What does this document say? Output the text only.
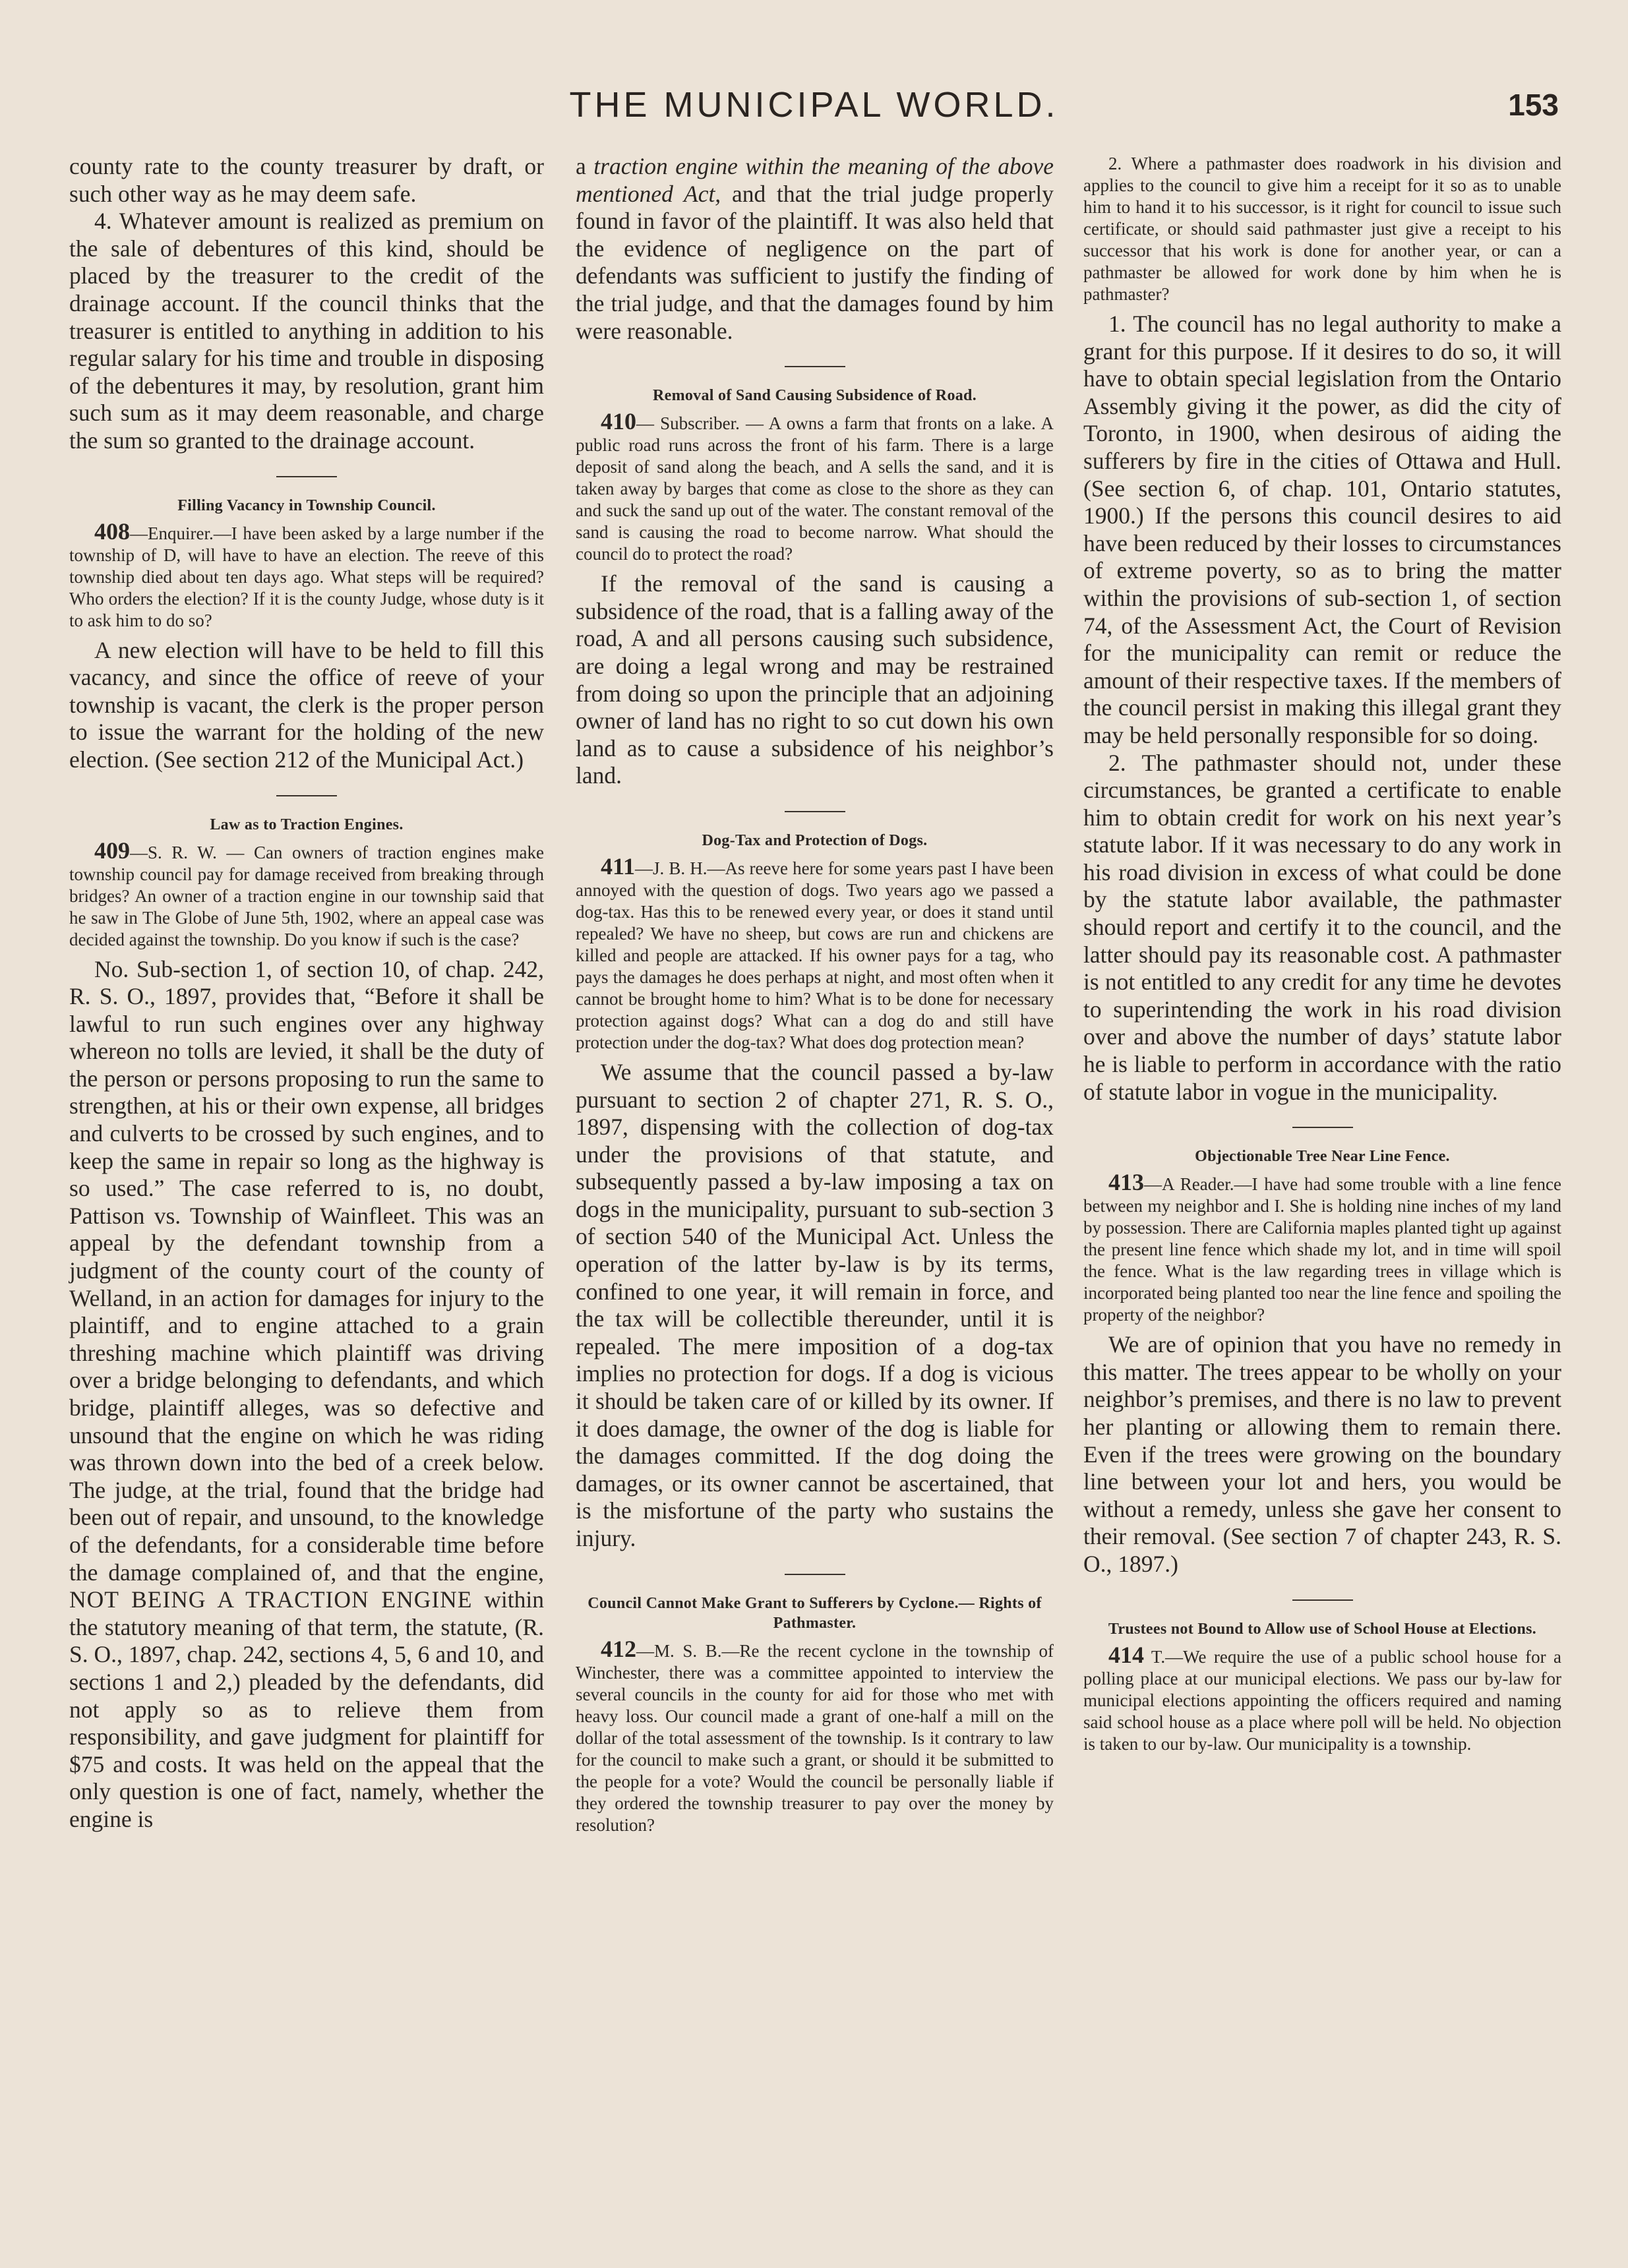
THE MUNICIPAL WORLD.	153

county rate to the county treasurer by draft, or such other way as he may deem safe.

4. Whatever amount is realized as premium on the sale of debentures of this kind, should be placed by the treasurer to the credit of the drainage account. If the council thinks that the treasurer is entitled to anything in addition to his regular salary for his time and trouble in disposing of the debentures it may, by resolution, grant him such sum as it may deem reasonable, and charge the sum so granted to the drainage account.

Filling Vacancy in Township Council.

408—Enquirer.—I have been asked by a large number if the township of D, will have to have an election. The reeve of this township died about ten days ago. What steps will be required? Who orders the election? If it is the county Judge, whose duty is it to ask him to do so?

A new election will have to be held to fill this vacancy, and since the office of reeve of your township is vacant, the clerk is the proper person to issue the warrant for the holding of the new election. (See section 212 of the Municipal Act.)

Law as to Traction Engines.

409—S. R. W. — Can owners of traction engines make township council pay for damage received from breaking through bridges? An owner of a traction engine in our township said that he saw in The Globe of June 5th, 1902, where an appeal case was decided against the township. Do you know if such is the case?

No. Sub-section 1, of section 10, of chap. 242, R. S. O., 1897, provides that, “Before it shall be lawful to run such engines over any highway whereon no tolls are levied, it shall be the duty of the person or persons proposing to run the same to strengthen, at his or their own expense, all bridges and culverts to be crossed by such engines, and to keep the same in repair so long as the highway is so used.” The case referred to is, no doubt, Pattison vs. Township of Wainfleet. This was an appeal by the defendant township from a judgment of the county court of the county of Welland, in an action for damages for injury to the plaintiff, and to engine attached to a grain threshing machine which plaintiff was driving over a bridge belonging to defendants, and which bridge, plaintiff alleges, was so defective and unsound that the engine on which he was riding was thrown down into the bed of a creek below. The judge, at the trial, found that the bridge had been out of repair, and unsound, to the knowledge of the defendants, for a considerable time before the damage complained of, and that the engine, NOT BEING A TRACTION ENGINE within the statutory meaning of that term, the statute, (R. S. O., 1897, chap. 242, sections 4, 5, 6 and 10, and sections 1 and 2,) pleaded by the defendants, did not apply so as to relieve them from responsibility, and gave judgment for plaintiff for $75 and costs. It was held on the appeal that the only question is one of fact, namely, whether the engine is

a traction engine within the meaning of the above mentioned Act, and that the trial judge properly found in favor of the plaintiff. It was also held that the evidence of negligence on the part of defendants was sufficient to justify the finding of the trial judge, and that the damages found by him were reasonable.

Removal of Sand Causing Subsidence of Road.

410— Subscriber. — A owns a farm that fronts on a lake. A public road runs across the front of his farm. There is a large deposit of sand along the beach, and A sells the sand, and it is taken away by barges that come as close to the shore as they can and suck the sand up out of the water. The constant removal of the sand is causing the road to become narrow. What should the council do to protect the road?

If the removal of the sand is causing a subsidence of the road, that is a falling away of the road, A and all persons causing such subsidence, are doing a legal wrong and may be restrained from doing so upon the principle that an adjoining owner of land has no right to so cut down his own land as to cause a subsidence of his neighbor’s land.

Dog-Tax and Protection of Dogs.

411—J. B. H.—As reeve here for some years past I have been annoyed with the question of dogs. Two years ago we passed a dog-tax. Has this to be renewed every year, or does it stand until repealed? We have no sheep, but cows are run and chickens are killed and people are attacked. If his owner pays for a tag, who pays the damages he does perhaps at night, and most often when it cannot be brought home to him? What is to be done for necessary protection against dogs? What can a dog do and still have protection under the dog-tax? What does dog protection mean?

We assume that the council passed a by-law pursuant to section 2 of chapter 271, R. S. O., 1897, dispensing with the collection of dog-tax under the provisions of that statute, and subsequently passed a by-law imposing a tax on dogs in the municipality, pursuant to sub-section 3 of section 540 of the Municipal Act. Unless the operation of the latter by-law is by its terms, confined to one year, it will remain in force, and the tax will be collectible thereunder, until it is repealed. The mere imposition of a dog-tax implies no protection for dogs. If a dog is vicious it should be taken care of or killed by its owner. If it does damage, the owner of the dog is liable for the damages committed. If the dog doing the damages, or its owner cannot be ascertained, that is the misfortune of the party who sustains the injury.

Council Cannot Make Grant to Sufferers by Cyclone.— Rights of Pathmaster.

412—M. S. B.—Re the recent cyclone in the township of Winchester, there was a committee appointed to interview the several councils in the county for aid for those who met with heavy loss. Our council made a grant of one-half a mill on the dollar of the total assessment of the township. Is it contrary to law for the council to make such a grant, or should it be submitted to the people for a vote? Would the council be personally liable if they ordered the township treasurer to pay over the money by resolution?

2. Where a pathmaster does roadwork in his division and applies to the council to give him a receipt for it so as to unable him to hand it to his successor, is it right for council to issue such certificate, or should said pathmaster just give a receipt to his successor that his work is done for another year, or can a pathmaster be allowed for work done by him when he is pathmaster?

1. The council has no legal authority to make a grant for this purpose. If it desires to do so, it will have to obtain special legislation from the Ontario Assembly giving it the power, as did the city of Toronto, in 1900, when desirous of aiding the sufferers by fire in the cities of Ottawa and Hull. (See section 6, of chap. 101, Ontario statutes, 1900.) If the persons this council desires to aid have been reduced by their losses to circumstances of extreme poverty, so as to bring the matter within the provisions of sub-section 1, of section 74, of the Assessment Act, the Court of Revision for the municipality can remit or reduce the amount of their respective taxes. If the members of the council persist in making this illegal grant they may be held personally responsible for so doing.

2. The pathmaster should not, under these circumstances, be granted a certificate to enable him to obtain credit for work on his next year’s statute labor. If it was necessary to do any work in his road division in excess of what could be done by the statute labor available, the pathmaster should report and certify it to the council, and the latter should pay its reasonable cost. A pathmaster is not entitled to any credit for any time he devotes to superintending the work in his road division over and above the number of days’ statute labor he is liable to perform in accordance with the ratio of statute labor in vogue in the municipality.

Objectionable Tree Near Line Fence.

413—A Reader.—I have had some trouble with a line fence between my neighbor and I. She is holding nine inches of my land by possession. There are California maples planted tight up against the present line fence which shade my lot, and in time will spoil the fence. What is the law regarding trees in village which is incorporated being planted too near the line fence and spoiling the property of the neighbor?

We are of opinion that you have no remedy in this matter. The trees appear to be wholly on your neighbor’s premises, and there is no law to prevent her planting or allowing them to remain there. Even if the trees were growing on the boundary line between your lot and hers, you would be without a remedy, unless she gave her consent to their removal. (See section 7 of chapter 243, R. S. O., 1897.)

Trustees not Bound to Allow use of School House at Elections.

414 T.—We require the use of a public school house for a polling place at our municipal elections. We pass our by-law for municipal elections appointing the officers required and naming said school house as a place where poll will be held. No objection is taken to our by-law. Our municipality is a township.
